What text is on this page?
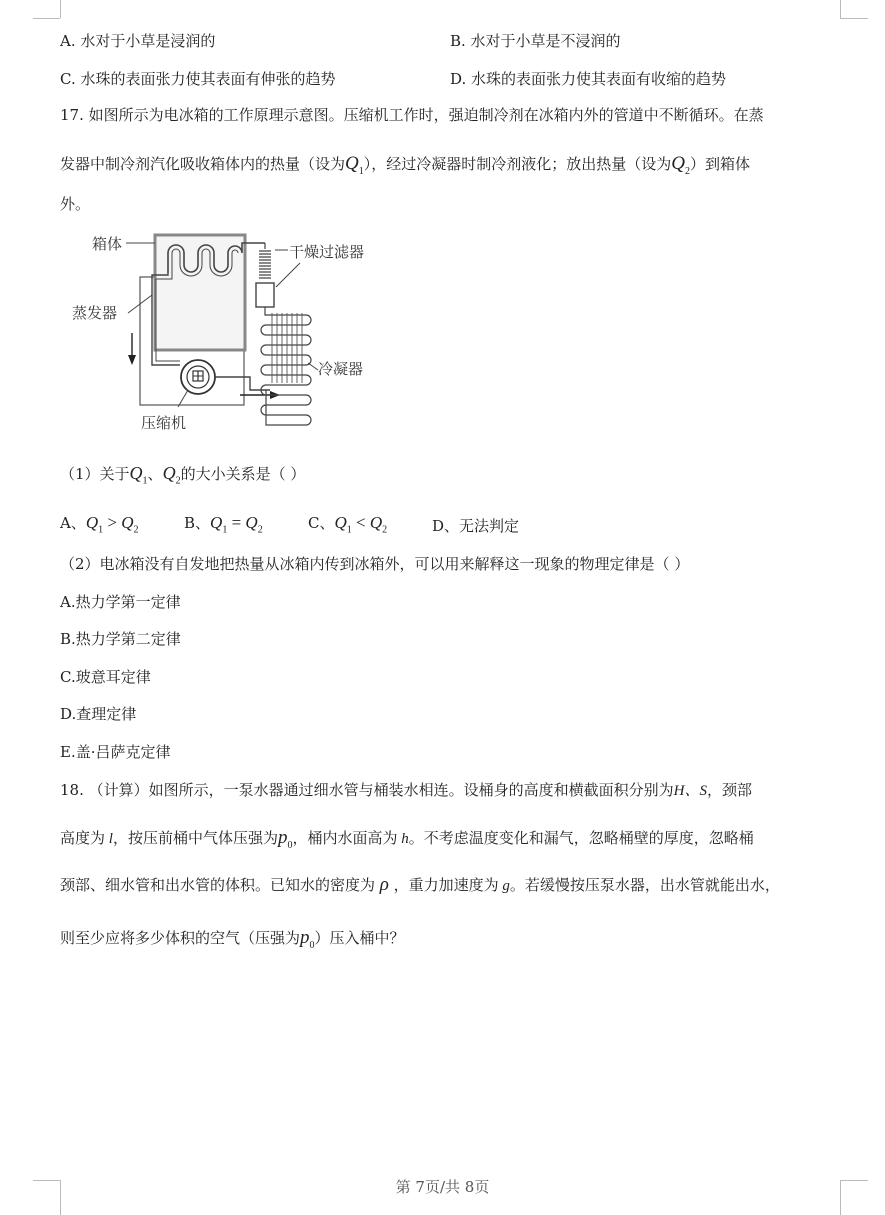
A. 水对于小草是浸润的	B. 水对于小草是不浸润的
C. 水珠的表面张力使其表面有伸张的趋势	D. 水珠的表面张力使其表面有收缩的趋势
17. 如图所示为电冰箱的工作原理示意图。压缩机工作时，强迫制冷剂在冰箱内外的管道中不断循环。在蒸
发器中制冷剂汽化吸收箱体内的热量（设为$Q_1$），经过冷凝器时制冷剂液化；放出热量（设为$Q_2$）到箱体
外。
箱体	干燥过滤器
蒸发器
冷凝器
压缩机
（1）关于$Q_1$、$Q_2$的大小关系是（ ）
A、$Q_1 > Q_2$	B、$Q_1 = Q_2$	C、$Q_1 < Q_2$	D、无法判定
（2）电冰箱没有自发地把热量从冰箱内传到冰箱外，可以用来解释这一现象的物理定律是（ ）
A.热力学第一定律
B.热力学第二定律
C.玻意耳定律
D.查理定律
E.盖·吕萨克定律
18. （计算）如图所示，一泵水器通过细水管与桶装水相连。设桶身的高度和横截面积分别为H、S，颈部
高度为 l，按压前桶中气体压强为$p_0$，桶内水面高为 h。不考虑温度变化和漏气，忽略桶壁的厚度，忽略桶
颈部、细水管和出水管的体积。已知水的密度为 ρ ，重力加速度为 g。若缓慢按压泵水器，出水管就能出水，
则至少应将多少体积的空气（压强为$p_0$）压入桶中？
第 7页/共 8页
